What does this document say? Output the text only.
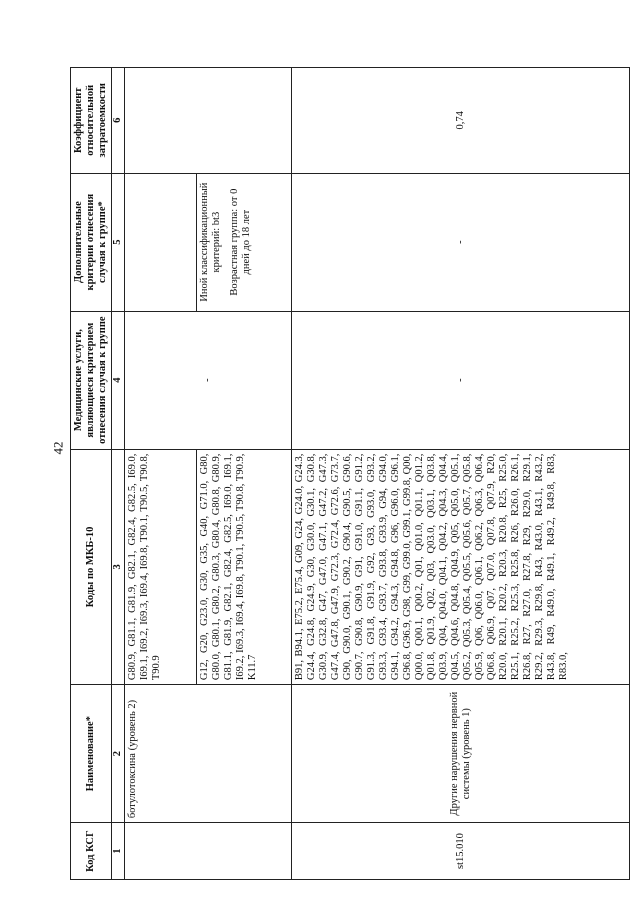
42
Код КСГ	Наименование*	Коды по МКБ-10	Медицинские услуги, являющиеся критерием отнесения случая к группе	Дополнительные критерии отнесения случая к группе*	Коэффициент относительной затратоемкости
1	2	3	4	5	6
	ботулотоксина (уровень 2)	G80.9, G81.1, G81.9, G82.1, G82.4, G82.5, I69.0, I69.1, I69.2, I69.3, I69.4, I69.8, T90.1, T90.5, T90.8, T90.9	-		
		G12, G20, G23.0, G30, G35, G40, G71.0, G80, G80.0, G80.1, G80.2, G80.3, G80.4, G80.8, G80.9, G81.1, G81.9, G82.1, G82.4, G82.5, I69.0, I69.1, I69.2, I69.3, I69.4, I69.8, T90.1, T90.5, T90.8, T90.9, K11.7		Иной классификационный критерий: bt3 Возрастная группа: от 0 дней до 18 лет	

st15.010	Другие нарушения нервной системы (уровень 1)	B91, B94.1, E75.2, E75.4, G09, G24, G24.0, G24.3, G24.4, G24.8, G24.9, G30, G30.0, G30.1, G30.8, G30.9, G32.8, G47, G47.0, G47.1, G47.2, G47.3, G47.4, G47.8, G47.9, G72.3, G72.4, G72.6, G73.7, G90, G90.0, G90.1, G90.2, G90.4, G90.5, G90.6, G90.7, G90.8, G90.9, G91, G91.0, G91.1, G91.2, G91.3, G91.8, G91.9, G92, G93, G93.0, G93.2, G93.3, G93.4, G93.7, G93.8, G93.9, G94, G94.0, G94.1, G94.2, G94.3, G94.8, G96, G96.0, G96.1, G96.8, G96.9, G98, G99, G99.0, G99.1, G99.8, Q00, Q00.0, Q00.1, Q00.2, Q01, Q01.0, Q01.1, Q01.2, Q01.8, Q01.9, Q02, Q03, Q03.0, Q03.1, Q03.8, Q03.9, Q04, Q04.0, Q04.1, Q04.2, Q04.3, Q04.4, Q04.5, Q04.6, Q04.8, Q04.9, Q05, Q05.0, Q05.1, Q05.2, Q05.3, Q05.4, Q05.5, Q05.6, Q05.7, Q05.8, Q05.9, Q06, Q06.0, Q06.1, Q06.2, Q06.3, Q06.4, Q06.8, Q06.9, Q07, Q07.0, Q07.8, Q07.9, R20, R20.0, R20.1, R20.2, R20.3, R20.8, R25, R25.0, R25.1, R25.2, R25.3, R25.8, R26, R26.0, R26.1, R26.8, R27, R27.0, R27.8, R29, R29.0, R29.1, R29.2, R29.3, R29.8, R43, R43.0, R43.1, R43.2, R43.8, R49, R49.0, R49.1, R49.2, R49.8, R83, R83.0,	-	-	0,74
